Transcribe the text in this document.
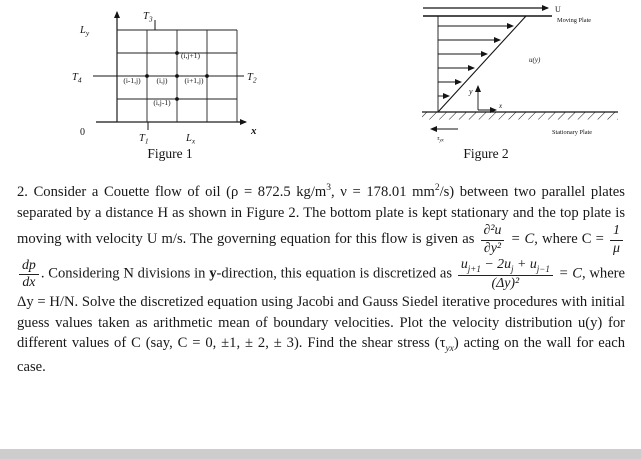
$L_y$
$T_3$
$T_4$	$T_2$
$T_1$	$L_x$
0	x
(i,j+1)
(i-1,j) (i,j) (i+1,j)
(i,j-1)
Figure 1
U
Moving Plate
u(y)
y
x
$\tau_{yx}$
Stationary Plate
Figure 2
2. Consider a Couette flow of oil (ρ = 872.5 $kg/m^3$, ν = 178.01 $mm^2/s$) between two parallel plates separated by a distance H as shown in Figure 2. The bottom plate is kept stationary and the top plate is moving with velocity U m/s. The governing equation for this flow is given as $\frac{\text{∂²u}}{\text{∂y²}} = C$, where $C = \frac{1}{\mu}$

$\frac{dp}{dx}$ . Considering N divisions in y-direction, this equation is discretized as $\frac{u_{j+1} - 2u_j + u_{j-1}}{\text{(Δy)²}} = C$, where Δy = H/N. Solve the discretized equation using Jacobi and Gauss Siedel iterative procedures with initial guess values taken as arithmetic mean of boundary velocities. Plot the velocity distribution u(y) for different values of C (say, C = 0, ±1, ± 2, ± 3). Find the shear stress $(\tau_{yx})$ acting on the wall for each case.
